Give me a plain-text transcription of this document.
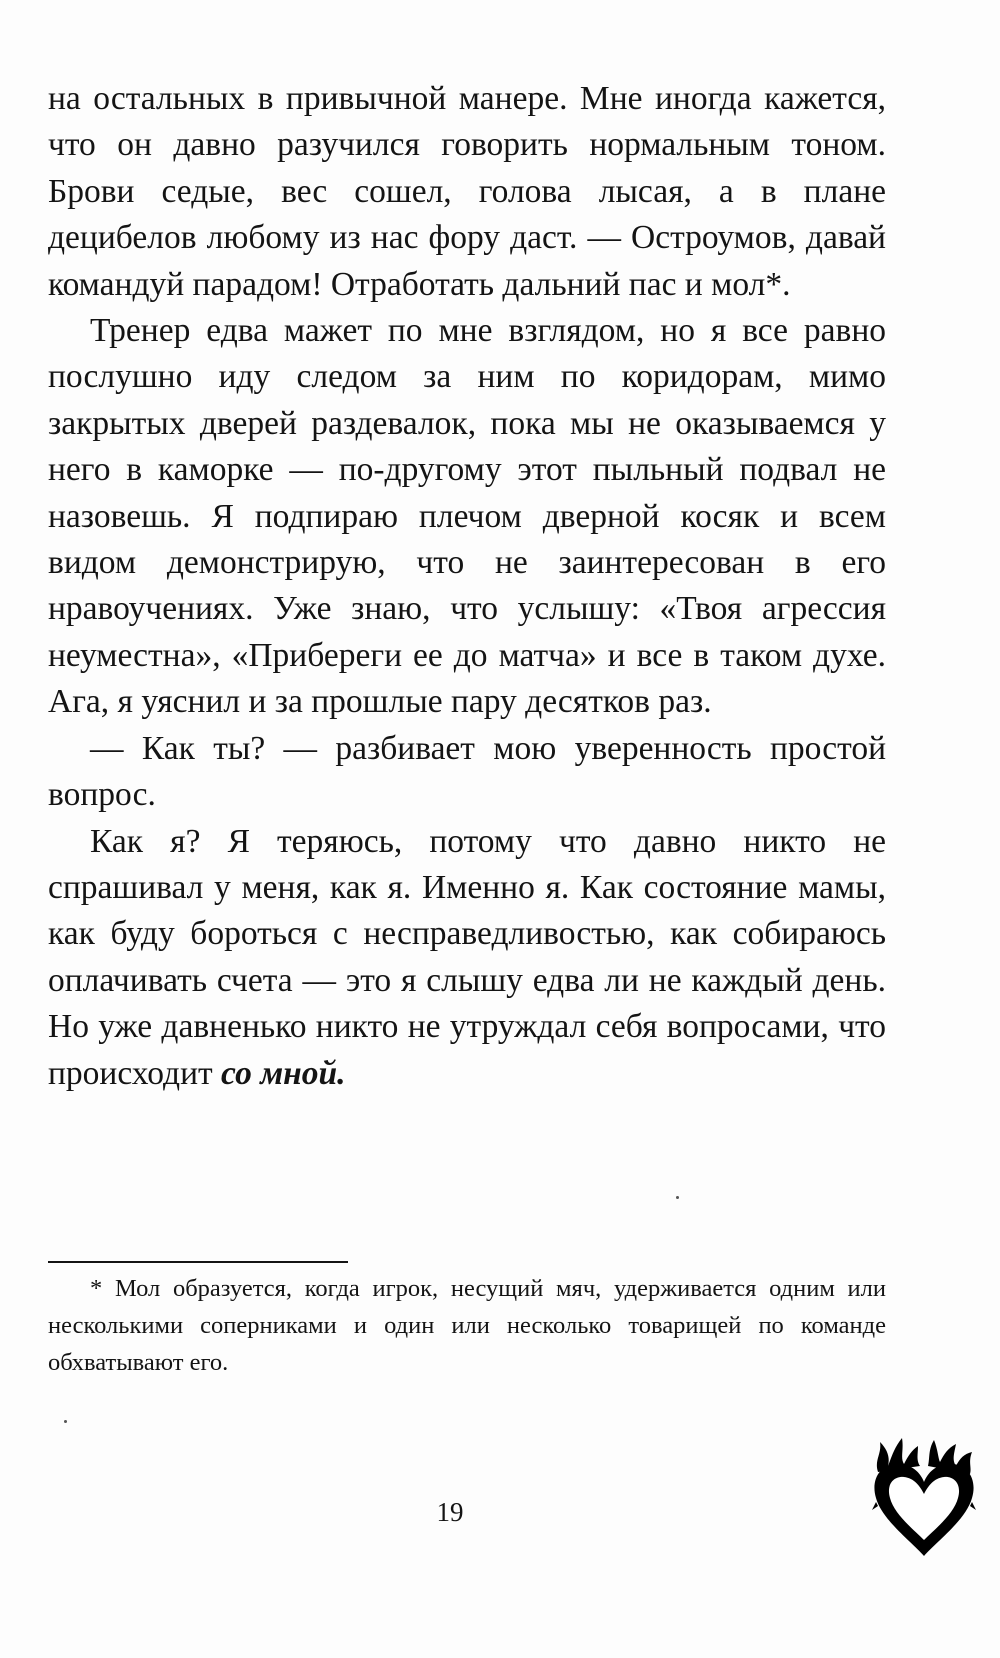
на остальных в привычной манере. Мне иногда кажется, что он давно разучился говорить нормальным тоном. Брови седые, вес сошел, голова лысая, а в плане децибелов любому из нас фору даст. — Остроумов, давай командуй парадом! Отработать дальний пас и мол*.

Тренер едва мажет по мне взглядом, но я все равно послушно иду следом за ним по коридорам, мимо закрытых дверей раздевалок, пока мы не оказываемся у него в каморке — по-другому этот пыльный подвал не назовешь. Я подпираю плечом дверной косяк и всем видом демонстрирую, что не заинтересован в его нравоучениях. Уже знаю, что услышу: «Твоя агрессия неуместна», «Прибереги ее до матча» и все в таком духе. Ага, я уяснил и за прошлые пару десятков раз.

— Как ты? — разбивает мою уверенность простой вопрос.

Как я? Я теряюсь, потому что давно никто не спрашивал у меня, как я. Именно я. Как состояние мамы, как буду бороться с несправедливостью, как собираюсь оплачивать счета — это я слышу едва ли не каждый день. Но уже давненько никто не утруждал себя вопросами, что происходит со мной.

* Мол образуется, когда игрок, несущий мяч, удерживается одним или несколькими соперниками и один или несколько товарищей по команде обхватывают его.

19
